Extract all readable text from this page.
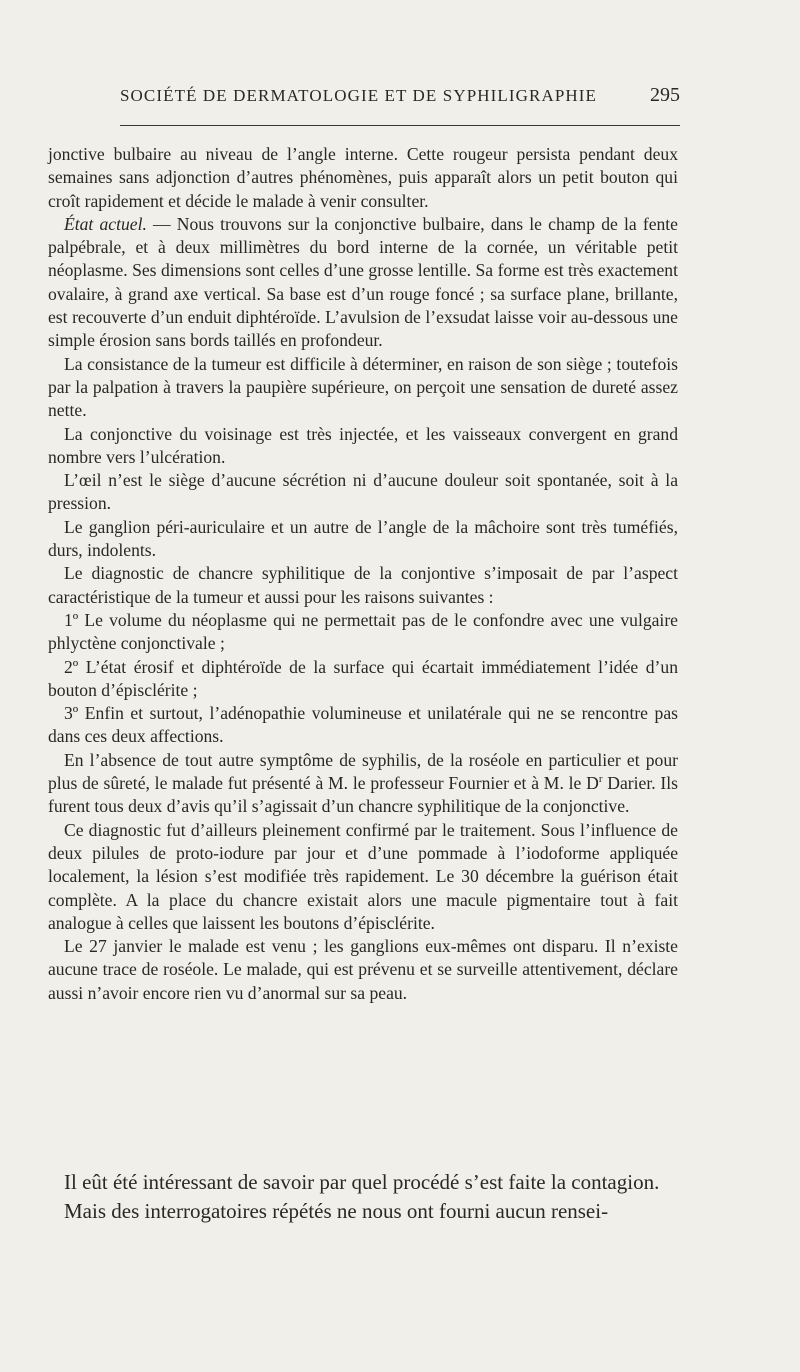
SOCIÉTÉ DE DERMATOLOGIE ET DE SYPHILIGRAPHIE	295

jonctive bulbaire au niveau de l’angle interne. Cette rougeur persista pendant deux semaines sans adjonction d’autres phénomènes, puis apparaît alors un petit bouton qui croît rapidement et décide le malade à venir consulter.

État actuel. — Nous trouvons sur la conjonctive bulbaire, dans le champ de la fente palpébrale, et à deux millimètres du bord interne de la cornée, un véritable petit néoplasme. Ses dimensions sont celles d’une grosse lentille. Sa forme est très exactement ovalaire, à grand axe vertical. Sa base est d’un rouge foncé ; sa surface plane, brillante, est recouverte d’un enduit diphtéroïde. L’avulsion de l’exsudat laisse voir au-dessous une simple érosion sans bords taillés en profondeur.

La consistance de la tumeur est difficile à déterminer, en raison de son siège ; toutefois par la palpation à travers la paupière supérieure, on perçoit une sensation de dureté assez nette.

La conjonctive du voisinage est très injectée, et les vaisseaux convergent en grand nombre vers l’ulcération.

L’œil n’est le siège d’aucune sécrétion ni d’aucune douleur soit spontanée, soit à la pression.

Le ganglion péri-auriculaire et un autre de l’angle de la mâchoire sont très tuméfiés, durs, indolents.

Le diagnostic de chancre syphilitique de la conjontive s’imposait de par l’aspect caractéristique de la tumeur et aussi pour les raisons suivantes :

1º Le volume du néoplasme qui ne permettait pas de le confondre avec une vulgaire phlyctène conjonctivale ;

2º L’état érosif et diphtéroïde de la surface qui écartait immédiatement l’idée d’un bouton d’épisclérite ;

3º Enfin et surtout, l’adénopathie volumineuse et unilatérale qui ne se rencontre pas dans ces deux affections.

En l’absence de tout autre symptôme de syphilis, de la roséole en particulier et pour plus de sûreté, le malade fut présenté à M. le professeur Fournier et à M. le $D^r$ Darier. Ils furent tous deux d’avis qu’il s’agissait d’un chancre syphilitique de la conjonctive.

Ce diagnostic fut d’ailleurs pleinement confirmé par le traitement. Sous l’influence de deux pilules de proto-iodure par jour et d’une pommade à l’iodoforme appliquée localement, la lésion s’est modifiée très rapidement. Le 30 décembre la guérison était complète. A la place du chancre existait alors une macule pigmentaire tout à fait analogue à celles que laissent les boutons d’épisclérite.

Le 27 janvier le malade est venu ; les ganglions eux-mêmes ont disparu. Il n’existe aucune trace de roséole. Le malade, qui est prévenu et se surveille attentivement, déclare aussi n’avoir encore rien vu d’anormal sur sa peau.

Il eût été intéressant de savoir par quel procédé s’est faite la contagion.

Mais des interrogatoires répétés ne nous ont fourni aucun rensei-
